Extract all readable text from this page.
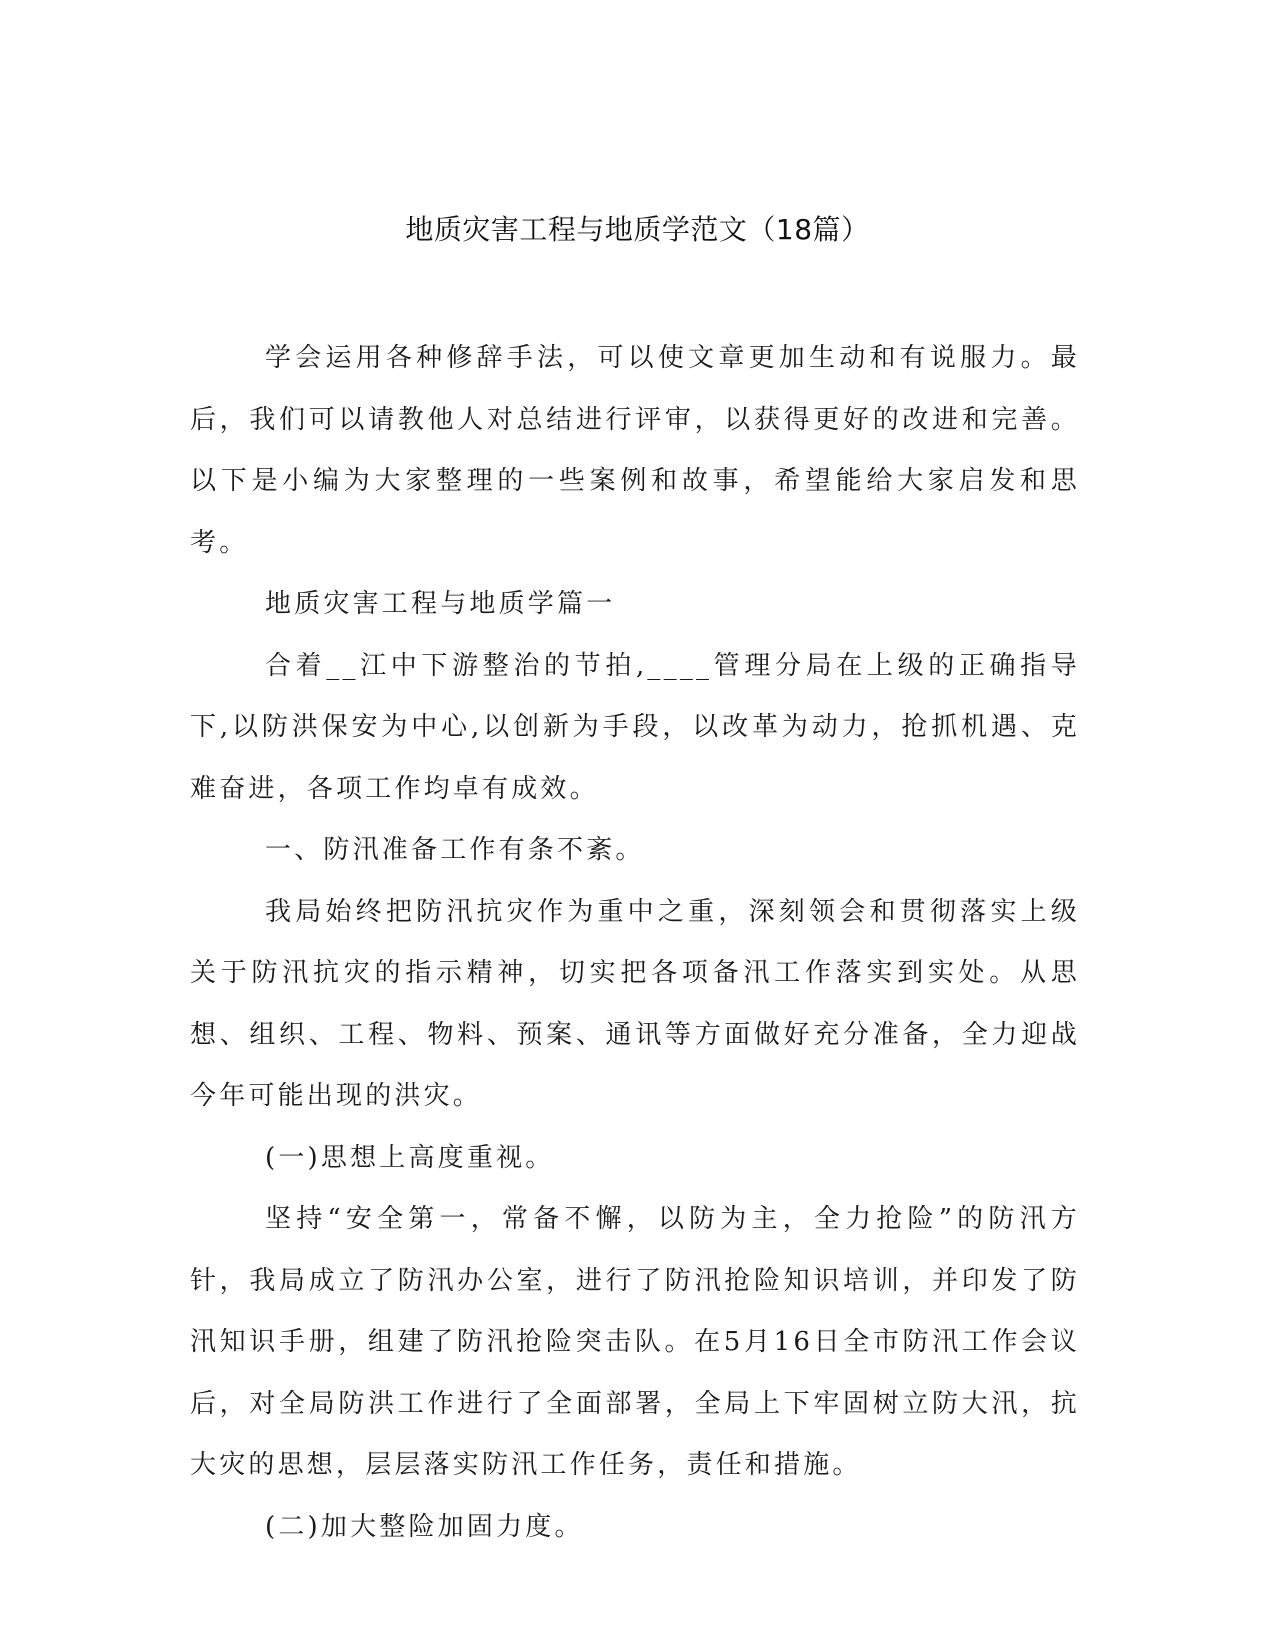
地质灾害工程与地质学范文（18篇）

学会运用各种修辞手法，可以使文章更加生动和有说服力。最后，我们可以请教他人对总结进行评审，以获得更好的改进和完善。以下是小编为大家整理的一些案例和故事，希望能给大家启发和思考。

地质灾害工程与地质学篇一

合着__江中下游整治的节拍,____管理分局在上级的正确指导下,以防洪保安为中心,以创新为手段，以改革为动力，抢抓机遇、克难奋进，各项工作均卓有成效。

一、防汛准备工作有条不紊。

我局始终把防汛抗灾作为重中之重，深刻领会和贯彻落实上级关于防汛抗灾的指示精神，切实把各项备汛工作落实到实处。从思想、组织、工程、物料、预案、通讯等方面做好充分准备，全力迎战今年可能出现的洪灾。

(一)思想上高度重视。

坚持“安全第一，常备不懈，以防为主，全力抢险”的防汛方针，我局成立了防汛办公室，进行了防汛抢险知识培训，并印发了防汛知识手册，组建了防汛抢险突击队。在5月16日全市防汛工作会议后，对全局防洪工作进行了全面部署，全局上下牢固树立防大汛，抗大灾的思想，层层落实防汛工作任务，责任和措施。

(二)加大整险加固力度。
